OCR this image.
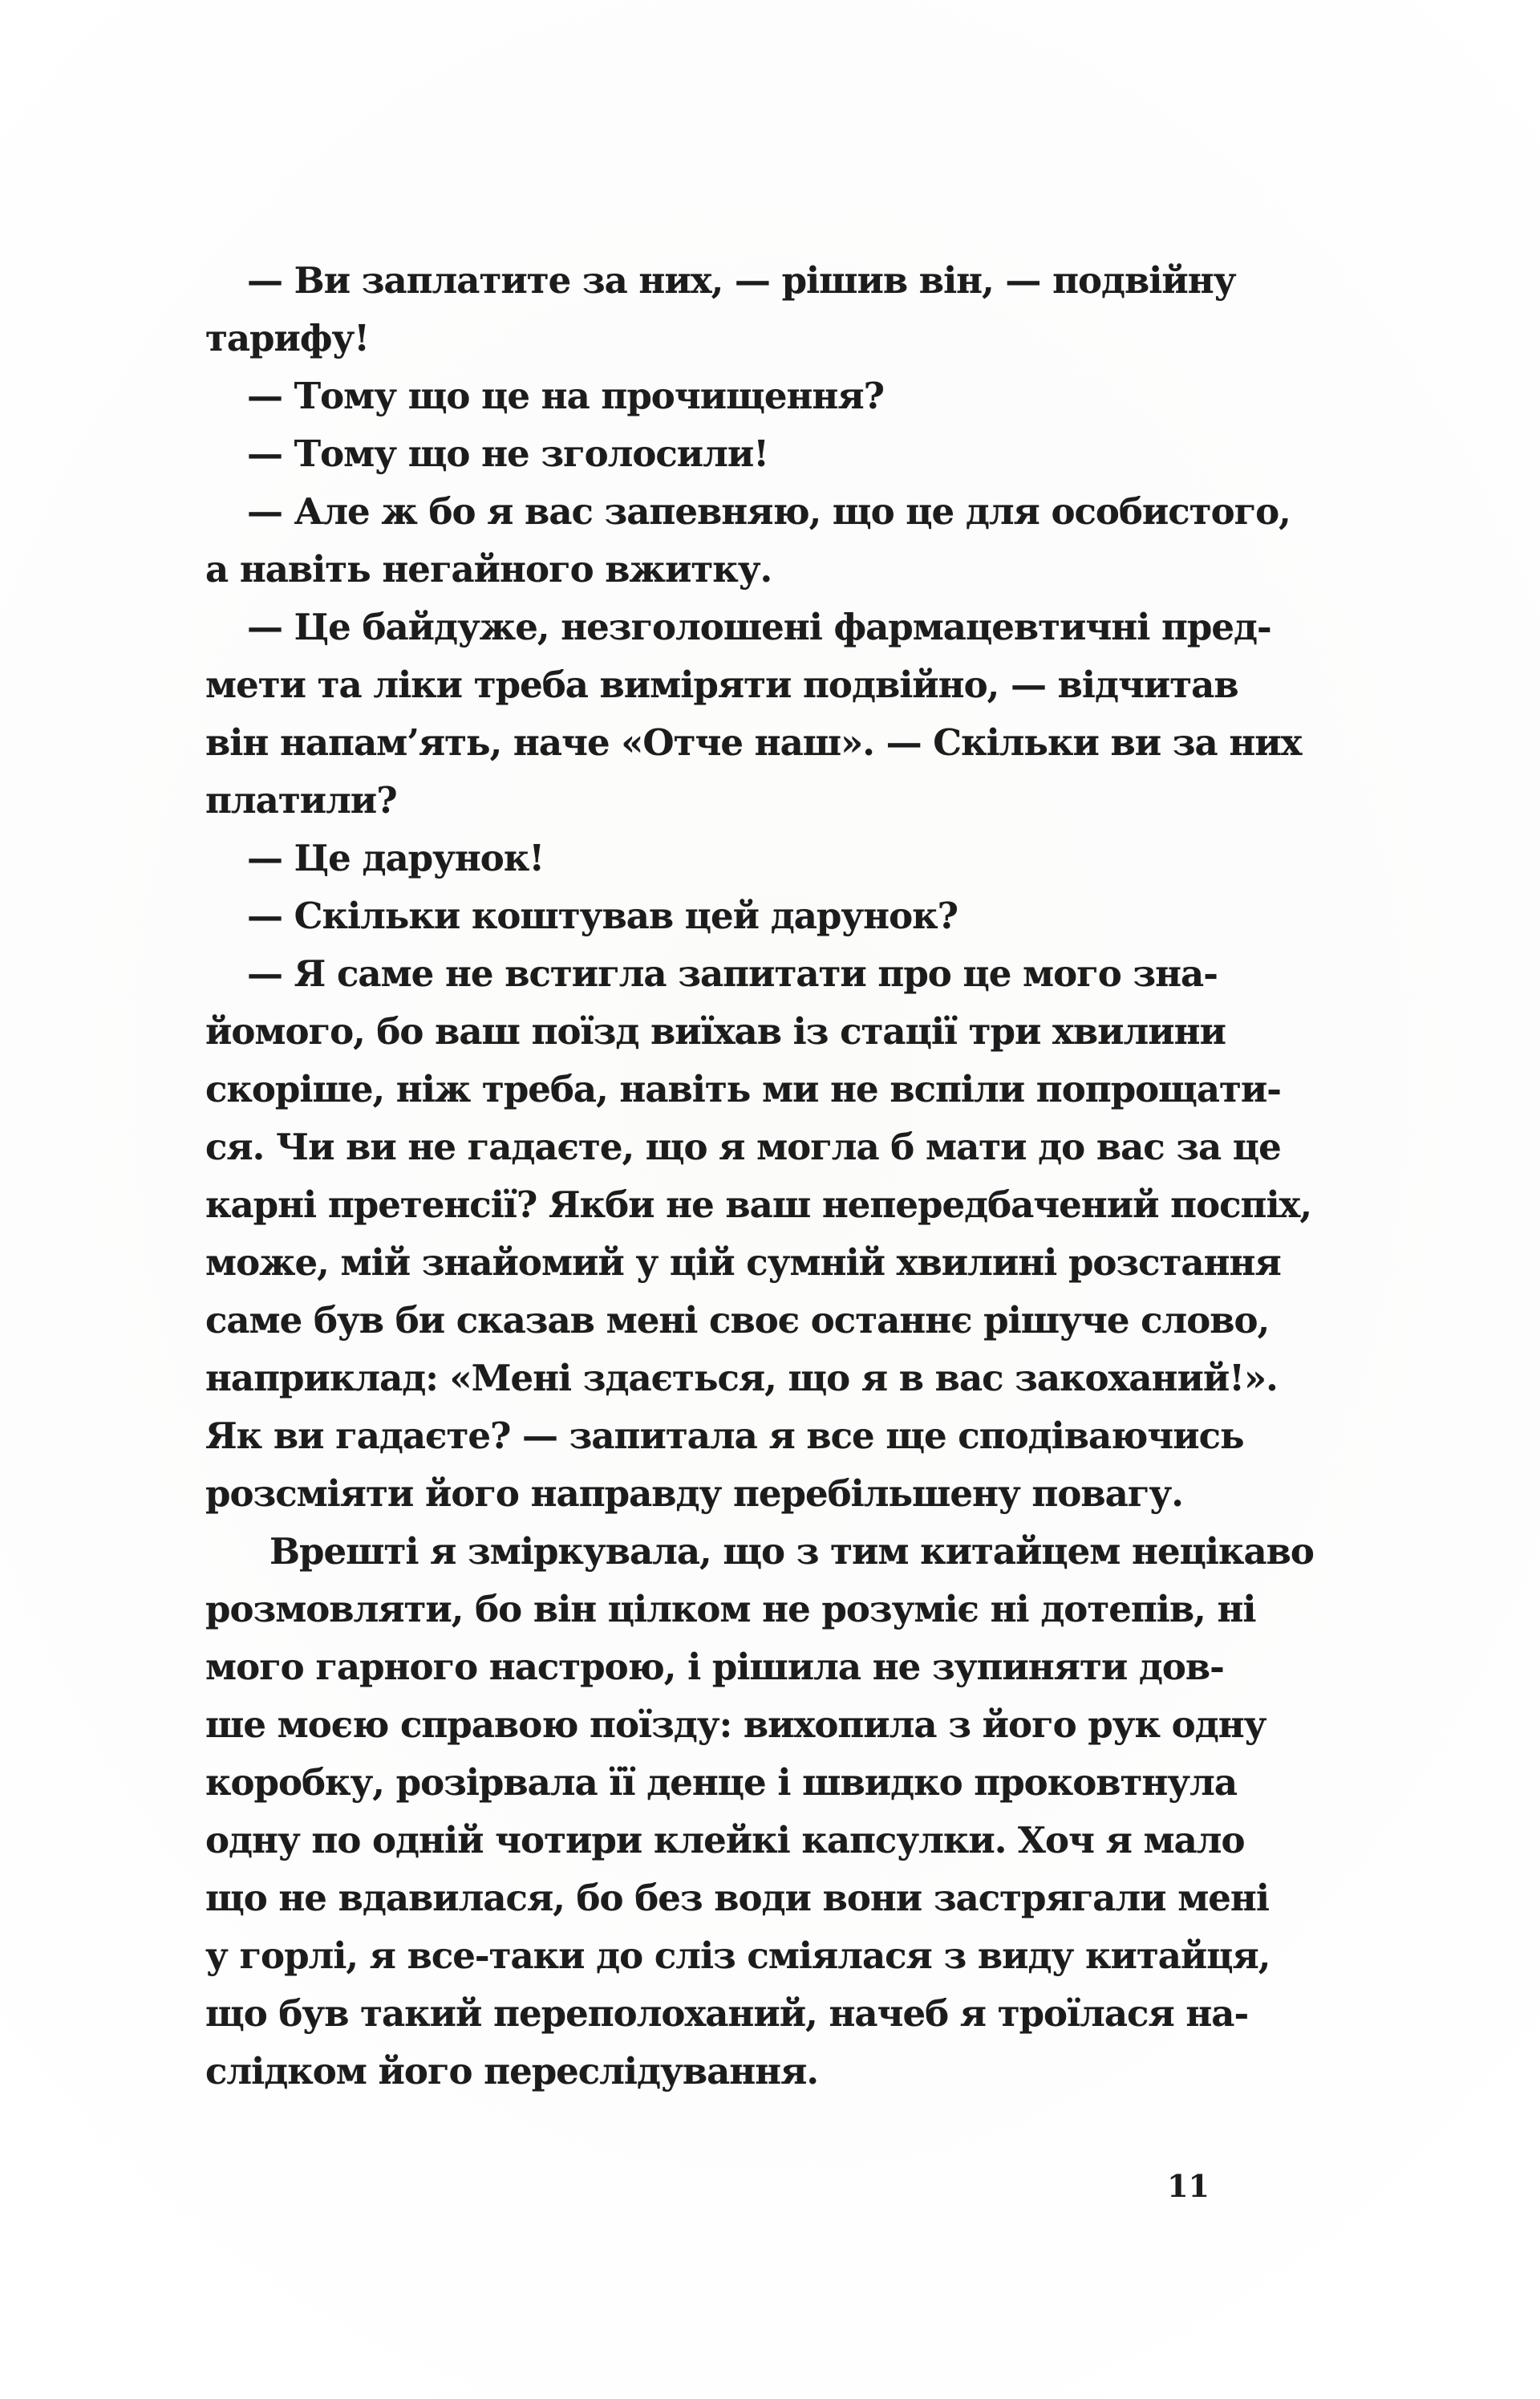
— Ви заплатите за них, — рішив він, — подвійну
тарифу!
— Тому що це на прочищення?
— Тому що не зголосили!
— Але ж бо я вас запевняю, що це для особистого,
а навіть негайного вжитку.
— Це байдуже, незголошені фармацевтичні пред-
мети та ліки треба виміряти подвійно, — відчитав
він напам’ять, наче «Отче наш». — Скільки ви за них
платили?
— Це дарунок!
— Скільки коштував цей дарунок?
— Я саме не встигла запитати про це мого зна-
йомого, бо ваш поїзд виїхав із стації три хвилини
скоріше, ніж треба, навіть ми не вспіли попрощати-
ся. Чи ви не гадаєте, що я могла б мати до вас за це
карні претенсії? Якби не ваш непередбачений поспіх,
може, мій знайомий у цій сумній хвилині розстання
саме був би сказав мені своє останнє рішуче слово,
наприклад: «Мені здається, що я в вас закоханий!».
Як ви гадаєте? — запитала я все ще сподіваючись
розсміяти його направду перебільшену повагу.
Врешті я зміркувала, що з тим китайцем нецікаво
розмовляти, бо він цілком не розуміє ні дотепів, ні
мого гарного настрою, і рішила не зупиняти дов-
ше моєю справою поїзду: вихопила з його рук одну
коробку, розірвала її денце і швидко проковтнула
одну по одній чотири клейкі капсулки. Хоч я мало
що не вдавилася, бо без води вони застрягали мені
у горлі, я все-таки до сліз сміялася з виду китайця,
що був такий переполоханий, начеб я троїлася на-
слідком його переслідування.
11
